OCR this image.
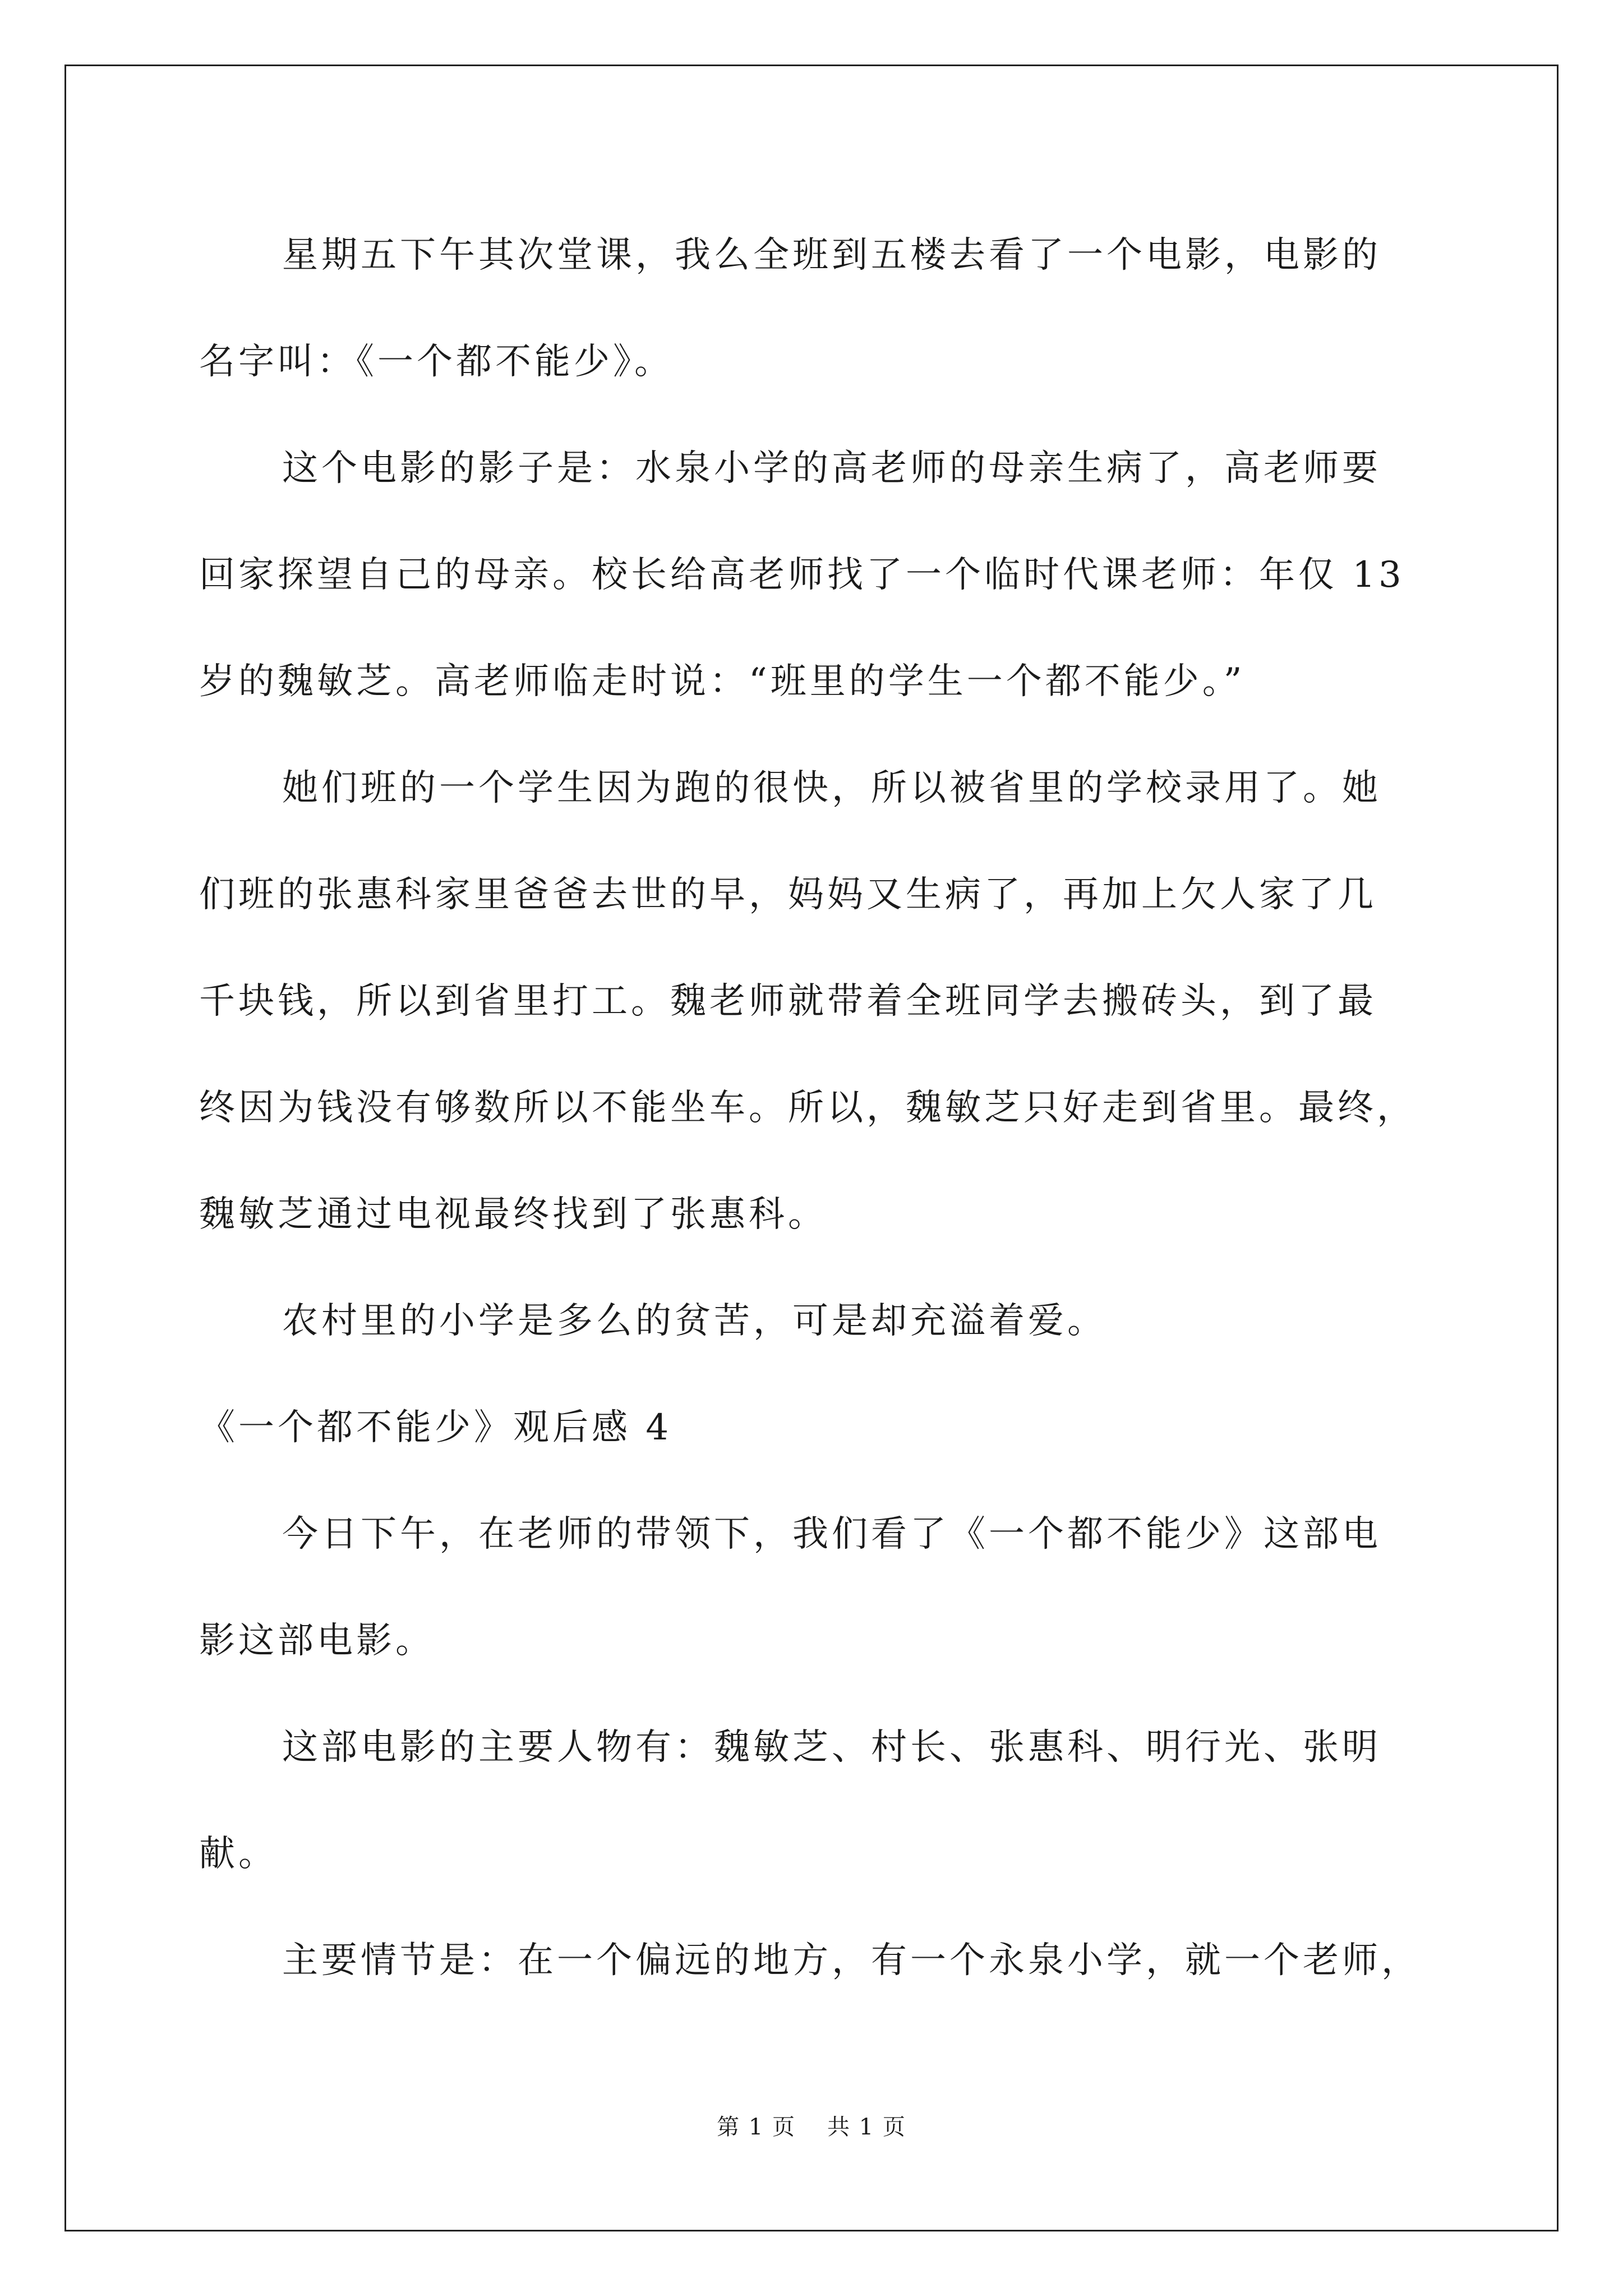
星期五下午其次堂课，我么全班到五楼去看了一个电影，电影的

名字叫：《一个都不能少》。

这个电影的影子是：水泉小学的高老师的母亲生病了，高老师要

回家探望自己的母亲。校长给高老师找了一个临时代课老师：年仅 13

岁的魏敏芝。高老师临走时说：“班里的学生一个都不能少。”

她们班的一个学生因为跑的很快，所以被省里的学校录用了。她

们班的张惠科家里爸爸去世的早，妈妈又生病了，再加上欠人家了几

千块钱，所以到省里打工。魏老师就带着全班同学去搬砖头，到了最

终因为钱没有够数所以不能坐车。所以，魏敏芝只好走到省里。最终，

魏敏芝通过电视最终找到了张惠科。

农村里的小学是多么的贫苦，可是却充溢着爱。

《一个都不能少》观后感 4

今日下午，在老师的带领下，我们看了《一个都不能少》这部电

影这部电影。

这部电影的主要人物有：魏敏芝、村长、张惠科、明行光、张明

献。

主要情节是：在一个偏远的地方，有一个永泉小学，就一个老师，

第 1 页 共 1 页
